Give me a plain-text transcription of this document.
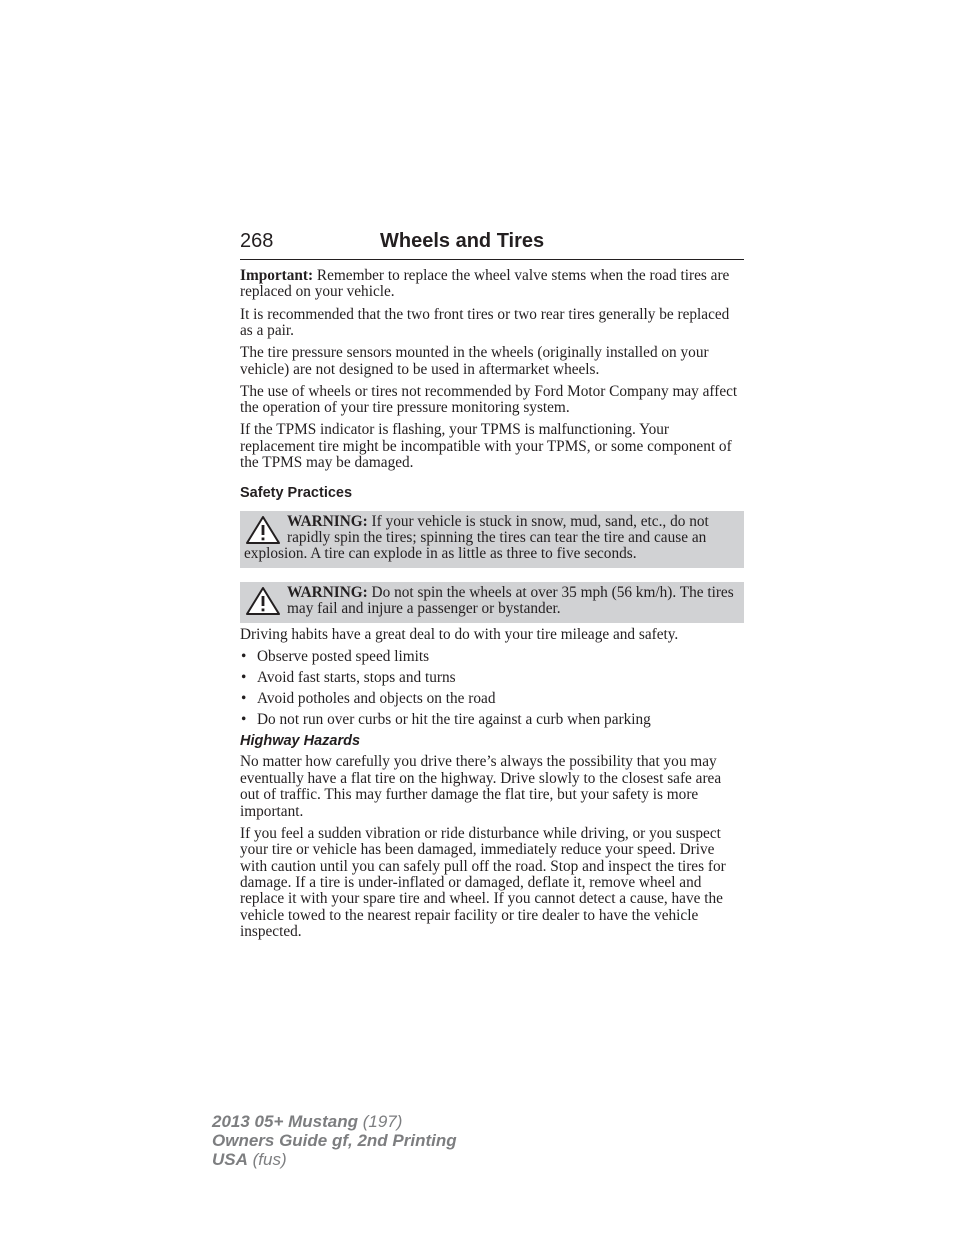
268	Wheels and Tires

Important: Remember to replace the wheel valve stems when the road tires are replaced on your vehicle.

It is recommended that the two front tires or two rear tires generally be replaced as a pair.

The tire pressure sensors mounted in the wheels (originally installed on your vehicle) are not designed to be used in aftermarket wheels.

The use of wheels or tires not recommended by Ford Motor Company may affect the operation of your tire pressure monitoring system.

If the TPMS indicator is flashing, your TPMS is malfunctioning. Your replacement tire might be incompatible with your TPMS, or some component of the TPMS may be damaged.

Safety Practices
WARNING: If your vehicle is stuck in snow, mud, sand, etc., do not rapidly spin the tires; spinning the tires can tear the tire and cause an explosion. A tire can explode in as little as three to five seconds.
WARNING: Do not spin the wheels at over 35 mph (56 km/h). The tires may fail and injure a passenger or bystander.

Driving habits have a great deal to do with your tire mileage and safety.

• Observe posted speed limits
• Avoid fast starts, stops and turns
• Avoid potholes and objects on the road
• Do not run over curbs or hit the tire against a curb when parking
Highway Hazards

No matter how carefully you drive there’s always the possibility that you may eventually have a flat tire on the highway. Drive slowly to the closest safe area out of traffic. This may further damage the flat tire, but your safety is more important.

If you feel a sudden vibration or ride disturbance while driving, or you suspect your tire or vehicle has been damaged, immediately reduce your speed. Drive with caution until you can safely pull off the road. Stop and inspect the tires for damage. If a tire is under-inflated or damaged, deflate it, remove wheel and replace it with your spare tire and wheel. If you cannot detect a cause, have the vehicle towed to the nearest repair facility or tire dealer to have the vehicle inspected.

2013 05+ Mustang (197)
Owners Guide gf, 2nd Printing
USA (fus)
